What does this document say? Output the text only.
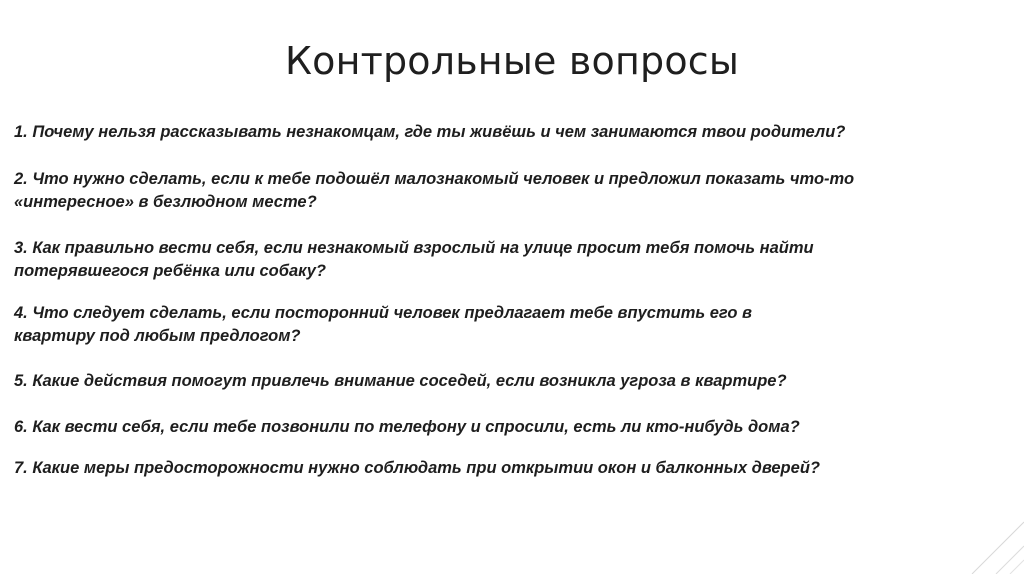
Контрольные вопросы
1. Почему нельзя рассказывать незнакомцам, где ты живёшь и чем занимаются твои родители?
2. Что нужно сделать, если к тебе подошёл малознакомый человек и предложил показать что-то
«интересное» в безлюдном месте?
3. Как правильно вести себя, если незнакомый взрослый на улице просит тебя помочь найти
потерявшегося ребёнка или собаку?
4. Что следует сделать, если посторонний человек предлагает тебе впустить его в
квартиру под любым предлогом?
5. Какие действия помогут привлечь внимание соседей, если возникла угроза в квартире?
6. Как вести себя, если тебе позвонили по телефону и спросили, есть ли кто-нибудь дома?
7. Какие меры предосторожности нужно соблюдать при открытии окон и балконных дверей?
